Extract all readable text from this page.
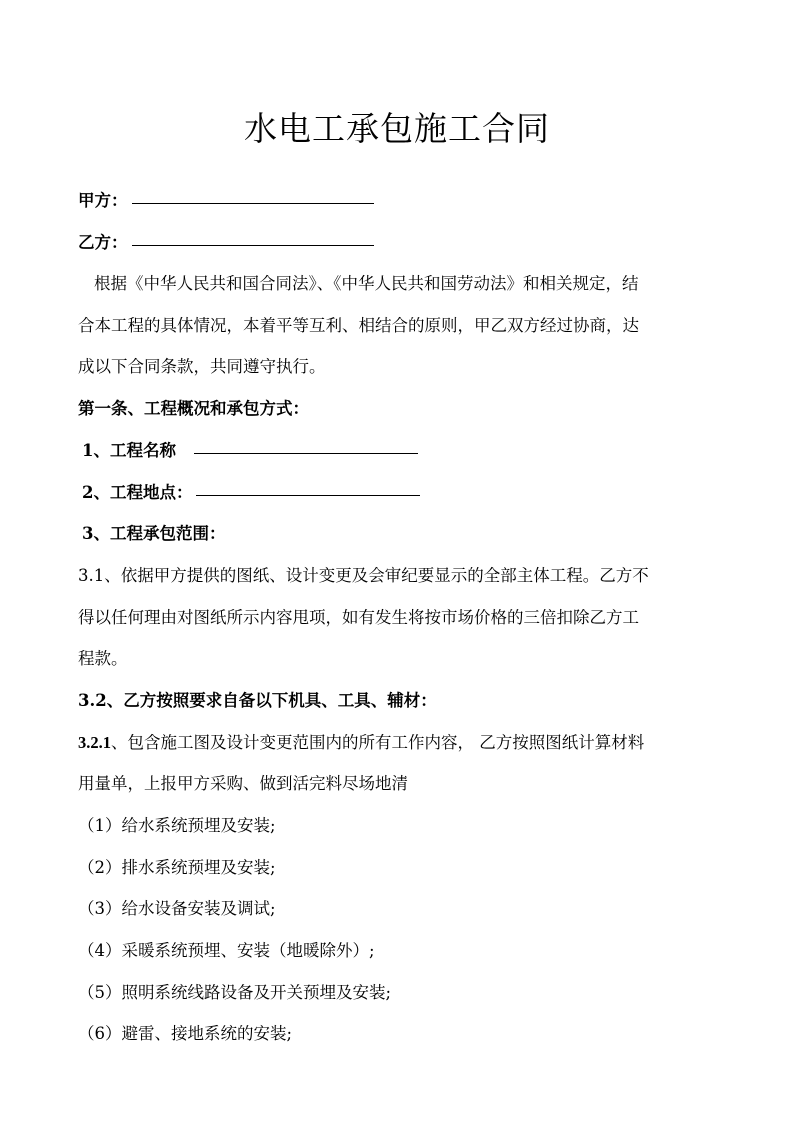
水电工承包施工合同
甲方：
乙方：
根据《中华人民共和国合同法》、《中华人民共和国劳动法》和相关规定，结
合本工程的具体情况，本着平等互利、相结合的原则，甲乙双方经过协商，达
成以下合同条款，共同遵守执行。
第一条、工程概况和承包方式：
1、工程名称
2、工程地点：
3、工程承包范围：
3.1、依据甲方提供的图纸、设计变更及会审纪要显示的全部主体工程。乙方不
得以任何理由对图纸所示内容甩项，如有发生将按市场价格的三倍扣除乙方工
程款。
3.2、乙方按照要求自备以下机具、工具、辅材：
3.2.1、包含施工图及设计变更范围内的所有工作内容， 乙方按照图纸计算材料
用量单，上报甲方采购、做到活完料尽场地清
（1）给水系统预埋及安装;
（2）排水系统预埋及安装;
（3）给水设备安装及调试;
（4）采暖系统预埋、安装（地暖除外）;
（5）照明系统线路设备及开关预埋及安装;
（6）避雷、接地系统的安装;
